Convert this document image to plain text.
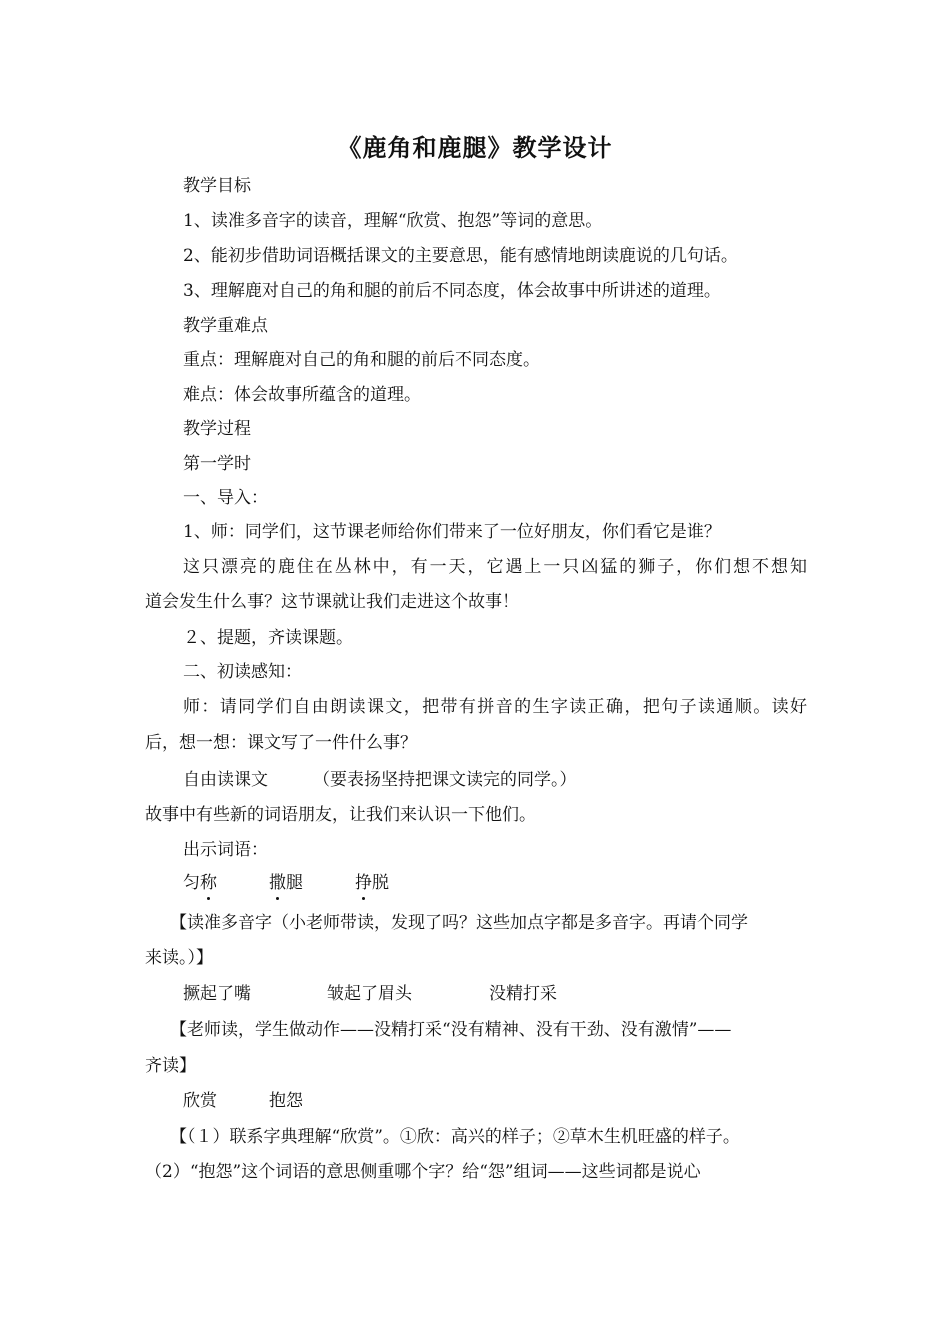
《鹿角和鹿腿》教学设计
教学目标
1、读准多音字的读音，理解“欣赏、抱怨”等词的意思。
2、能初步借助词语概括课文的主要意思，能有感情地朗读鹿说的几句话。
3、理解鹿对自己的角和腿的前后不同态度，体会故事中所讲述的道理。
教学重难点
重点：理解鹿对自己的角和腿的前后不同态度。
难点：体会故事所蕴含的道理。
教学过程
第一学时
一、导入：
1、师：同学们，这节课老师给你们带来了一位好朋友，你们看它是谁？
这只漂亮的鹿住在丛林中，有一天，它遇上一只凶猛的狮子，你们想不想知
道会发生什么事？这节课就让我们走进这个故事！
２、提题，齐读课题。
二、初读感知：
师：请同学们自由朗读课文，把带有拼音的生字读正确，把句子读通顺。读好
后，想一想：课文写了一件什么事？
自由读课文	（要表扬坚持把课文读完的同学。）
故事中有些新的词语朋友，让我们来认识一下他们。
出示词语：
匀称	撒腿	挣脱
【读准多音字（小老师带读，发现了吗？这些加点字都是多音字。再请个同学
来读。）】
撅起了嘴	皱起了眉头	没精打采
【老师读，学生做动作——没精打采“没有精神、没有干劲、没有激情”——
齐读】
欣赏	抱怨
【（１）联系字典理解“欣赏”。①欣：高兴的样子；②草木生机旺盛的样子。
（2）“抱怨”这个词语的意思侧重哪个字？给“怨”组词——这些词都是说心
